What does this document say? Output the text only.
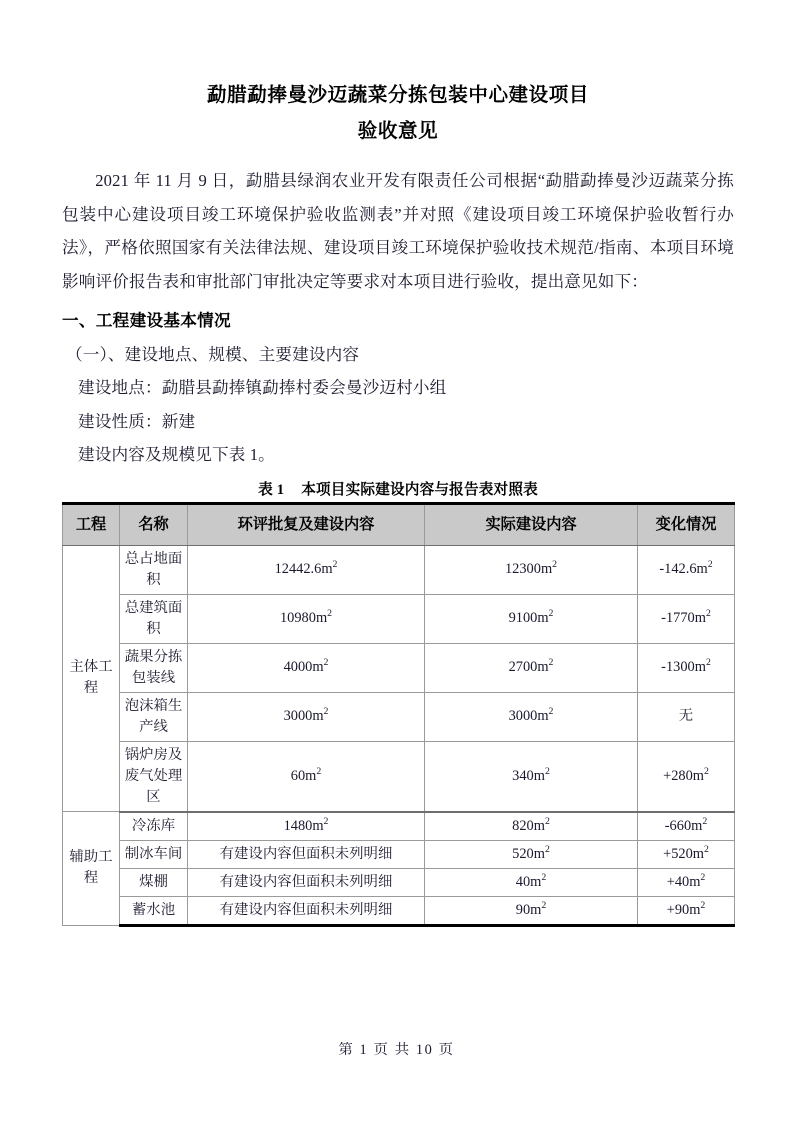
勐腊勐捧曼沙迈蔬菜分拣包装中心建设项目
验收意见

2021 年 11 月 9 日，勐腊县绿润农业开发有限责任公司根据“勐腊勐捧曼沙迈蔬菜分拣包装中心建设项目竣工环境保护验收监测表”并对照《建设项目竣工环境保护验收暂行办法》，严格依照国家有关法律法规、建设项目竣工环境保护验收技术规范/指南、本项目环境影响评价报告表和审批部门审批决定等要求对本项目进行验收，提出意见如下：

一、工程建设基本情况

（一）、建设地点、规模、主要建设内容

建设地点：勐腊县勐捧镇勐捧村委会曼沙迈村小组

建设性质：新建

建设内容及规模见下表 1。

表 1 本项目实际建设内容与报告表对照表
工程	名称	环评批复及建设内容	实际建设内容	变化情况
主体工程	总占地面积	$12442.6m^2$	$12300m^2$	$-142.6m^2$
	总建筑面积	$10980m^2$	$9100m^2$	$-1770m^2$
	蔬果分拣包装线	$4000m^2$	$2700m^2$	$-1300m^2$
	泡沫箱生产线	$3000m^2$	$3000m^2$	无
	锅炉房及废气处理区	$60m^2$	$340m^2$	$+280m^2$
辅助工程	冷冻库	$1480m^2$	$820m^2$	$-660m^2$
	制冰车间	有建设内容但面积未列明细	$520m^2$	$+520m^2$
	煤棚	有建设内容但面积未列明细	$40m^2$	$+40m^2$
	蓄水池	有建设内容但面积未列明细	$90m^2$	$+90m^2$
第 1 页 共 10 页
